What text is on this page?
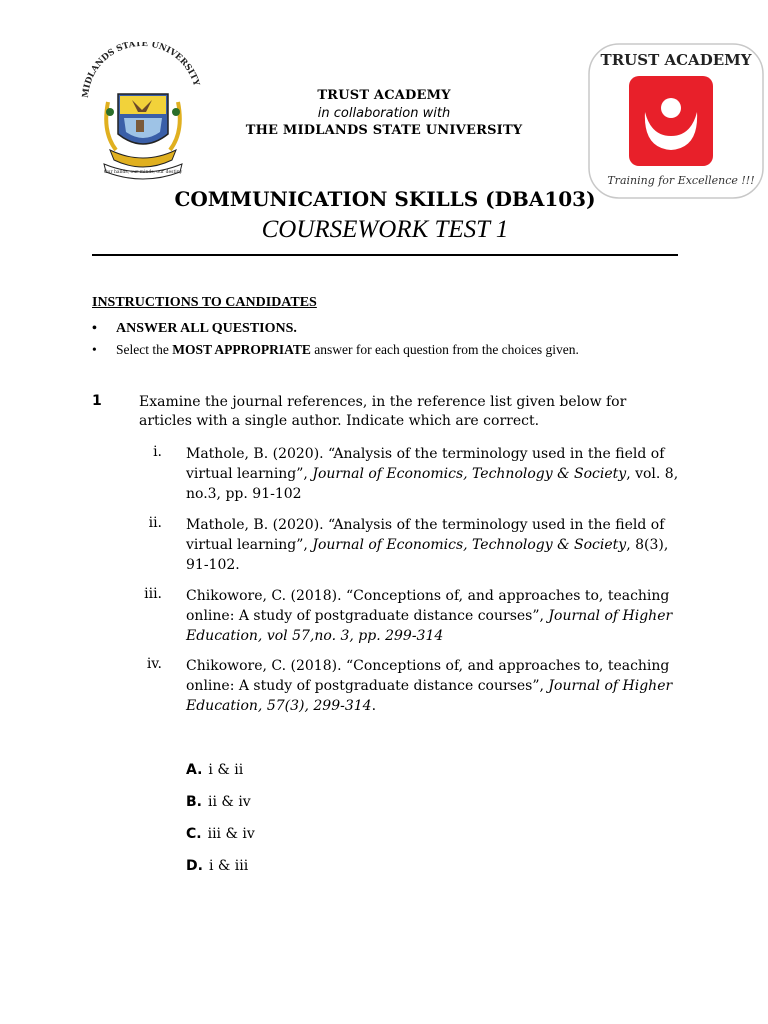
MIDLANDS STATE UNIVERSITY
Our hands, our minds, our destiny
TRUST ACADEMY
Training for Excellence !!!
TRUST ACADEMY
in collaboration with
THE MIDLANDS STATE UNIVERSITY
COMMUNICATION SKILLS (DBA103)
COURSEWORK TEST 1
INSTRUCTIONS TO CANDIDATES
• ANSWER ALL QUESTIONS.
• Select the MOST APPROPRIATE answer for each question from the choices given.
1	Examine the journal references, in the reference list given below for articles with a single author. Indicate which are correct.
i. Mathole, B. (2020). “Analysis of the terminology used in the field of virtual learning”, Journal of Economics, Technology & Society, vol. 8, no.3, pp. 91-102
ii. Mathole, B. (2020). “Analysis of the terminology used in the field of virtual learning”, Journal of Economics, Technology & Society, 8(3), 91-102.
iii. Chikowore, C. (2018). “Conceptions of, and approaches to, teaching online: A study of postgraduate distance courses”, Journal of Higher Education, vol 57,no. 3, pp. 299-314
iv. Chikowore, C. (2018). “Conceptions of, and approaches to, teaching online: A study of postgraduate distance courses”, Journal of Higher Education, 57(3), 299-314.
A. i & ii
B. ii & iv
C. iii & iv
D. i & iii
